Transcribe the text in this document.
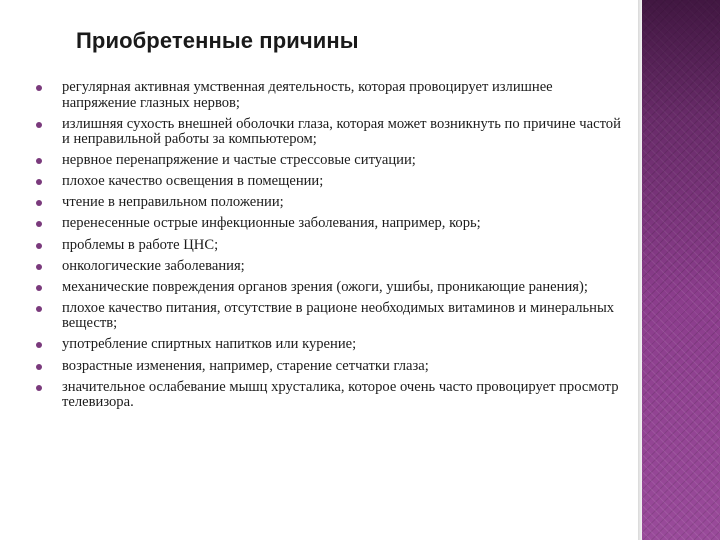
Приобретенные причины
регулярная активная умственная деятельность, которая провоцирует излишнее напряжение глазных нервов;
излишняя сухость внешней оболочки глаза, которая может возникнуть по причине частой и неправильной работы за компьютером;
нервное перенапряжение и частые стрессовые ситуации;
плохое качество освещения в помещении;
чтение в неправильном положении;
перенесенные острые инфекционные заболевания, например, корь;
проблемы в работе ЦНС;
онкологические заболевания;
механические повреждения органов зрения (ожоги, ушибы, проникающие ранения);
плохое качество питания, отсутствие в рационе необходимых витаминов и минеральных веществ;
употребление спиртных напитков или курение;
возрастные изменения, например, старение сетчатки глаза;
значительное ослабевание мышц хрусталика, которое очень часто провоцирует просмотр телевизора.
